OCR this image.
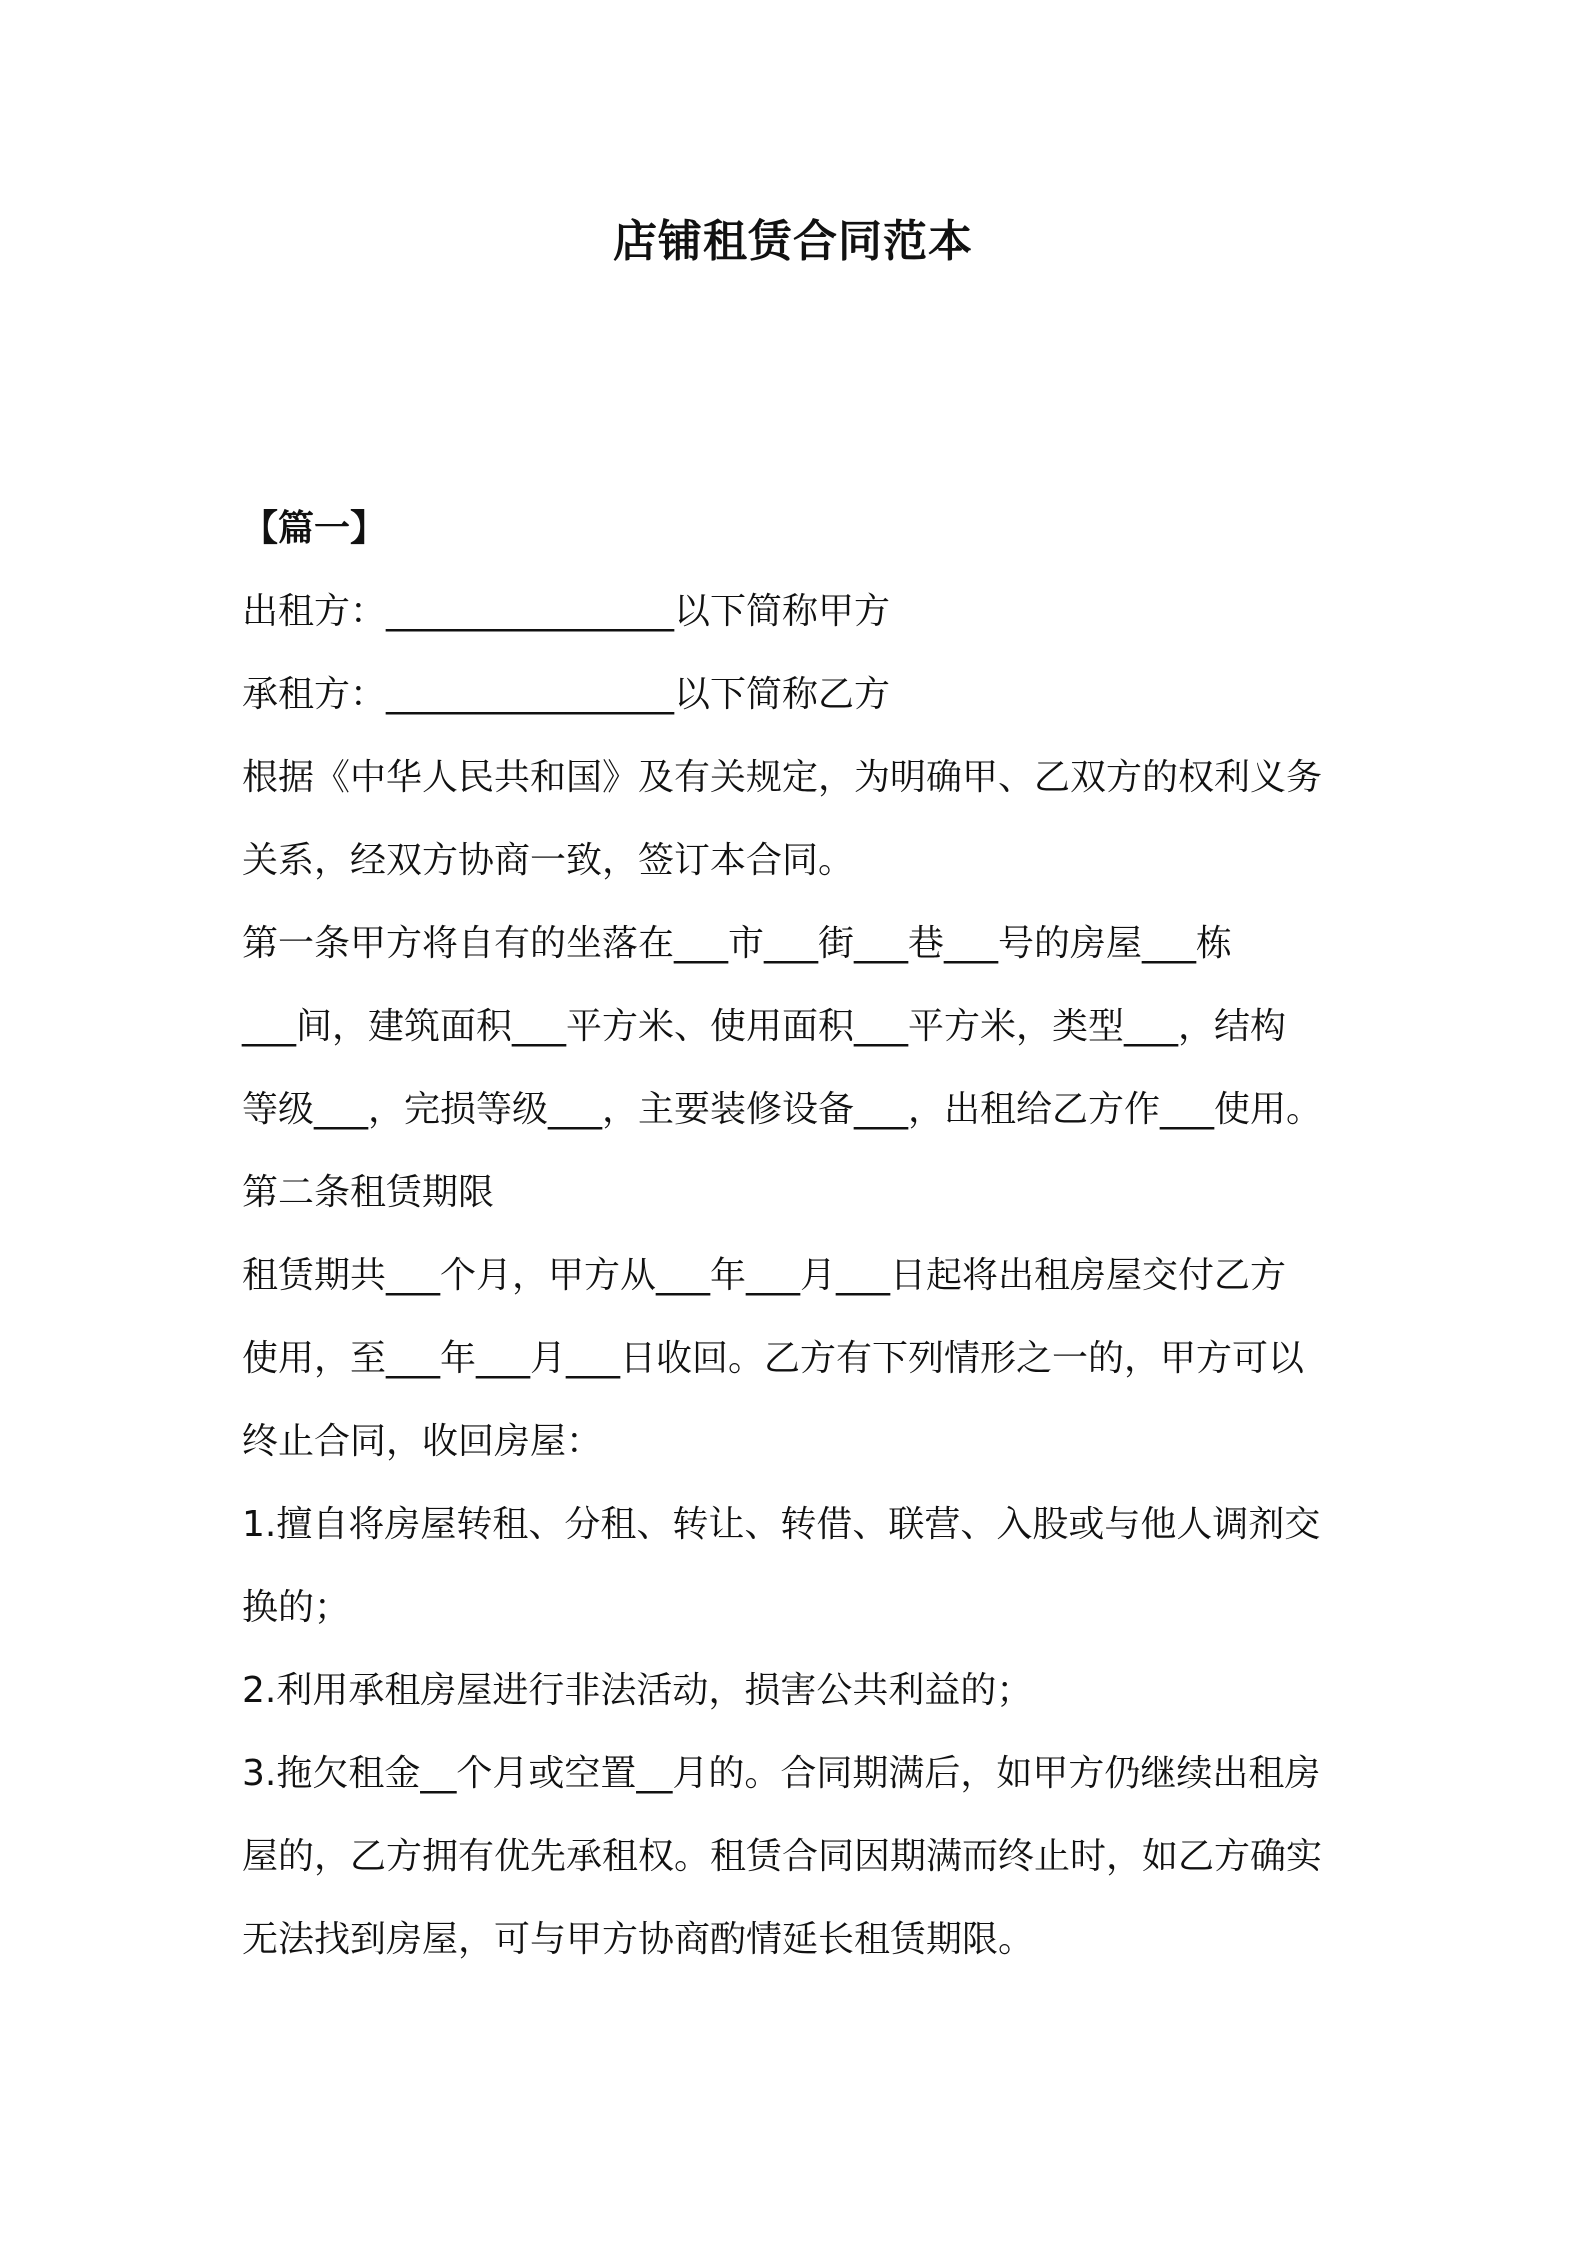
店铺租赁合同范本

【篇一】

出租方：________________以下简称甲方

承租方：________________以下简称乙方

根据《中华人民共和国》及有关规定，为明确甲、乙双方的权利义务

关系，经双方协商一致，签订本合同。

第一条甲方将自有的坐落在___市___街___巷___号的房屋___栋

___间，建筑面积___平方米、使用面积___平方米，类型___，结构

等级___，完损等级___，主要装修设备___，出租给乙方作___使用。

第二条租赁期限

租赁期共___个月，甲方从___年___月___日起将出租房屋交付乙方

使用，至___年___月___日收回。乙方有下列情形之一的，甲方可以

终止合同，收回房屋：

1.擅自将房屋转租、分租、转让、转借、联营、入股或与他人调剂交

换的；

2.利用承租房屋进行非法活动，损害公共利益的；

3.拖欠租金__个月或空置__月的。合同期满后，如甲方仍继续出租房

屋的，乙方拥有优先承租权。租赁合同因期满而终止时，如乙方确实

无法找到房屋，可与甲方协商酌情延长租赁期限。
